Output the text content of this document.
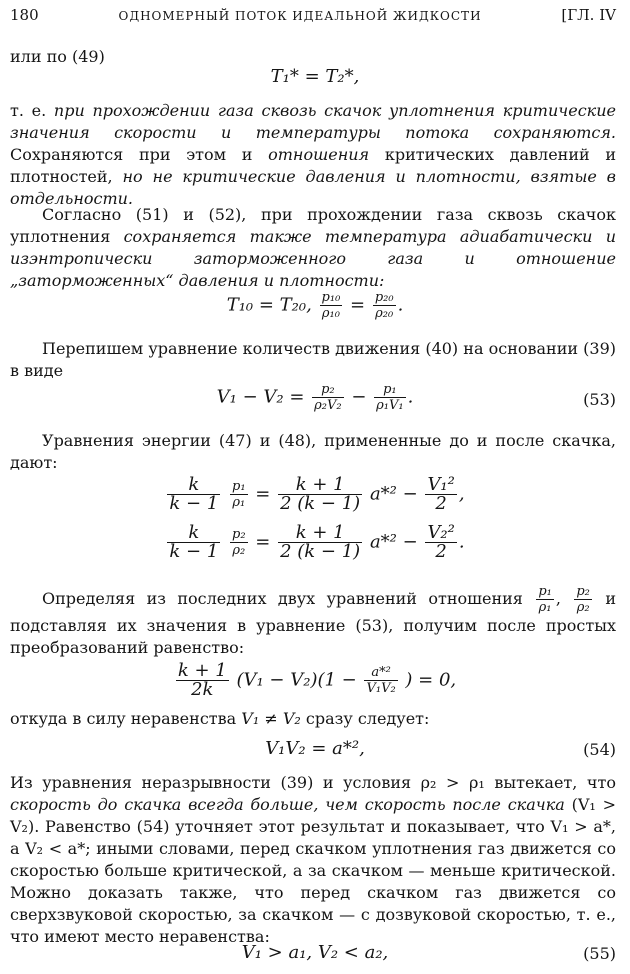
180	ОДНОМЕРНЫЙ ПОТОК ИДЕАЛЬНОЙ ЖИДКОСТИ	[ГЛ. IV
или по (49)
T₁* = T₂*,
т. е. при прохождении газа сквозь скачок уплотнения критические значения скорости и температуры потока сохраняются. Сохраняются при этом и отношения критических давлений и плотностей, но не критические давления и плотности, взятые в отдельности.
Согласно (51) и (52), при прохождении газа сквозь скачок уплотнения сохраняется также температура адиабатически и изэнтропически заторможенного газа и отношение „заторможенных“ давления и плотности:
T₁₀ = T₂₀, $\frac{\text{p₁₀}}{\text{ρ₁₀}} = \frac{\text{p₂₀}}{\text{ρ₂₀}}$ .
Перепишем уравнение количеств движения (40) на основании (39) в виде
$V_1 - V_2 = \frac{\text{p₂}}{\text{ρ₂V₂}} - \frac{\text{p₁}}{\text{ρ₁V₁}}$ .	(53)
Уравнения энергии (47) и (48), примененные до и после скачка, дают:
$\frac{k}{k - 1}$
$\frac{\text{p₁}}{\text{ρ₁}} = \frac{k + 1}{2 (k - 1)} a*^2 - \frac{\text{V₁²}}{2}$ ,
$\frac{k}{k - 1}$
$\frac{\text{p₂}}{\text{ρ₂}} = \frac{k + 1}{2 (k - 1)} a*^2 - \frac{\text{V₂²}}{2}$ .
Определяя из последних двух уравнений отношения $\frac{\text{p₁}}{\text{ρ₁}}$ , $\frac{\text{p₂}}{\text{ρ₂}}$ и подставляя их значения в уравнение (53), получим после простых преобразований равенство:
$\frac{k + 1}{2k} (V_1 - V_2)(1 - \frac{\text{a*²}}{\text{V₁V₂}}$ ) = 0,
откуда в силу неравенства V₁ ≠ V₂ сразу следует:
V₁V₂ = a*²,	(54)
Из уравнения неразрывности (39) и условия ρ₂ > ρ₁ вытекает, что скорость до скачка всегда больше, чем скорость после скачка (V₁ > V₂). Равенство (54) уточняет этот результат и показывает, что V₁ > a*, а V₂ < a*; иными словами, перед скачком уплотнения газ движется со скоростью больше критической, а за скачком — меньше критической. Можно доказать также, что перед скачком газ движется со сверхзвуковой скоростью, за скачком — с дозвуковой скоростью, т. е., что имеют место неравенства:
V₁ > a₁, V₂ < a₂,	(55)
